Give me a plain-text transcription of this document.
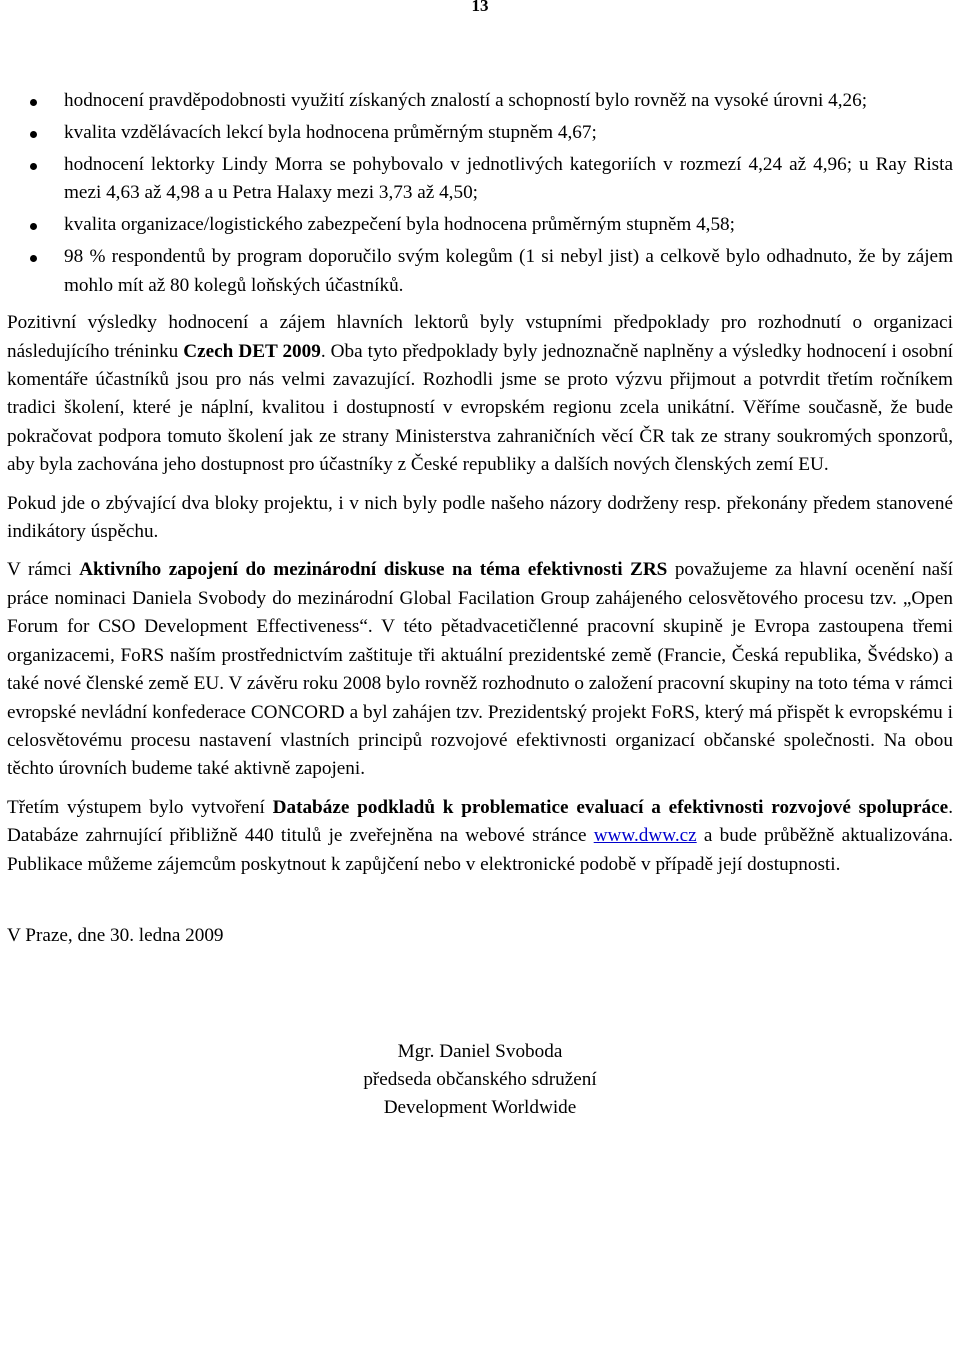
13
hodnocení pravděpodobnosti využití získaných znalostí a schopností bylo rovněž na vysoké úrovni 4,26;
kvalita vzdělávacích lekcí byla hodnocena průměrným stupněm 4,67;
hodnocení lektorky Lindy Morra se pohybovalo v jednotlivých kategoriích v rozmezí 4,24 až 4,96; u Ray Rista mezi 4,63 až 4,98 a u Petra Halaxy mezi 3,73 až 4,50;
kvalita organizace/logistického zabezpečení byla hodnocena průměrným stupněm 4,58;
98 % respondentů by program doporučilo svým kolegům (1 si nebyl jist) a celkově bylo odhadnuto, že by zájem mohlo mít až 80 kolegů loňských účastníků.

Pozitivní výsledky hodnocení a zájem hlavních lektorů byly vstupními předpoklady pro rozhodnutí o organizaci následujícího tréninku Czech DET 2009. Oba tyto předpoklady byly jednoznačně naplněny a výsledky hodnocení i osobní komentáře účastníků jsou pro nás velmi zavazující. Rozhodli jsme se proto výzvu přijmout a potvrdit třetím ročníkem tradici školení, které je náplní, kvalitou i dostupností v evropském regionu zcela unikátní. Věříme současně, že bude pokračovat podpora tomuto školení jak ze strany Ministerstva zahraničních věcí ČR tak ze strany soukromých sponzorů, aby byla zachována jeho dostupnost pro účastníky z České republiky a dalších nových členských zemí EU.

Pokud jde o zbývající dva bloky projektu, i v nich byly podle našeho názory dodrženy resp. překonány předem stanovené indikátory úspěchu.

V rámci Aktivního zapojení do mezinárodní diskuse na téma efektivnosti ZRS považujeme za hlavní ocenění naší práce nominaci Daniela Svobody do mezinárodní Global Facilation Group zahájeného celosvětového procesu tzv. „Open Forum for CSO Development Effectiveness“. V této pětadvacetičlenné pracovní skupině je Evropa zastoupena třemi organizacemi, FoRS naším prostřednictvím zaštituje tři aktuální prezidentské země (Francie, Česká republika, Švédsko) a také nové členské země EU. V závěru roku 2008 bylo rovněž rozhodnuto o založení pracovní skupiny na toto téma v rámci evropské nevládní konfederace CONCORD a byl zahájen tzv. Prezidentský projekt FoRS, který má přispět k evropskému i celosvětovému procesu nastavení vlastních principů rozvojové efektivnosti organizací občanské společnosti. Na obou těchto úrovních budeme také aktivně zapojeni.

Třetím výstupem bylo vytvoření Databáze podkladů k problematice evaluací a efektivnosti rozvojové spolupráce. Databáze zahrnující přibližně 440 titulů je zveřejněna na webové stránce www.dww.cz a bude průběžně aktualizována. Publikace můžeme zájemcům poskytnout k zapůjčení nebo v elektronické podobě v případě její dostupnosti.

V Praze, dne 30. ledna 2009

Mgr. Daniel Svoboda
předseda občanského sdružení
Development Worldwide
